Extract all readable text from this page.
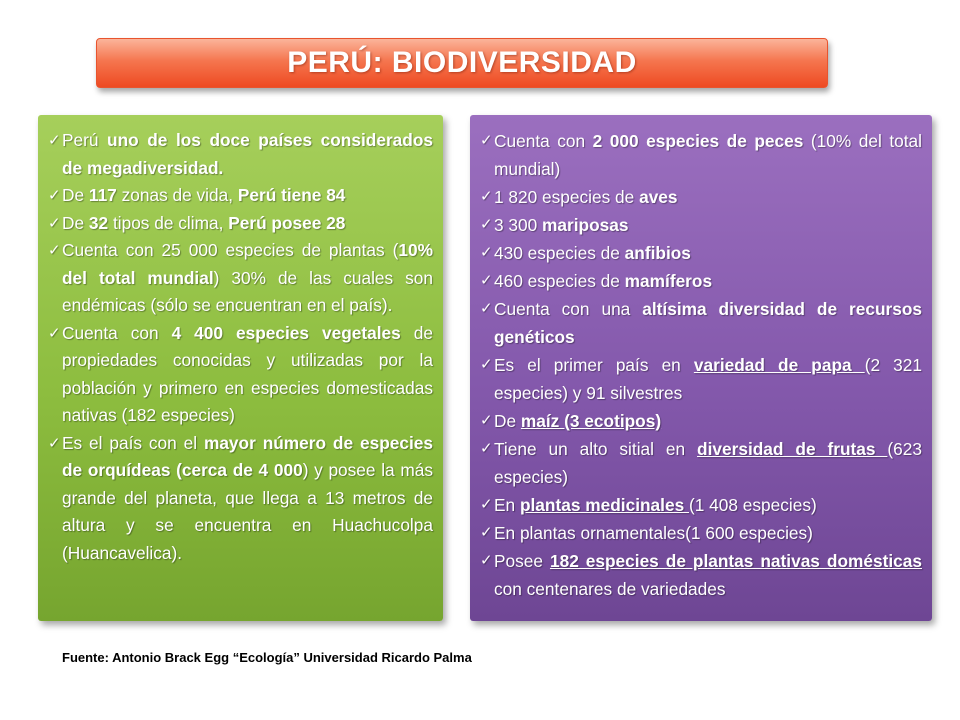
PERÚ: BIODIVERSIDAD
✓ Perú uno de los doce países considerados de megadiversidad.
✓ De 117 zonas de vida, Perú tiene 84
✓ De 32 tipos de clima, Perú posee 28
✓ Cuenta con 25 000 especies de plantas (10% del total mundial) 30% de las cuales son endémicas (sólo se encuentran en el país).
✓ Cuenta con 4 400 especies vegetales de propiedades conocidas y utilizadas por la población y primero en especies domesticadas nativas (182 especies)
✓ Es el país con el mayor número de especies de orquídeas (cerca de 4 000) y posee la más grande del planeta, que llega a 13 metros de altura y se encuentra en Huachucolpa (Huancavelica).
✓ Cuenta con 2 000 especies de peces (10% del total mundial)
✓ 1 820 especies de aves
✓ 3 300 mariposas
✓ 430 especies de anfibios
✓ 460 especies de mamíferos
✓ Cuenta con una altísima diversidad de recursos genéticos
✓ Es el primer país en variedad de papa (2 321 especies) y 91 silvestres
✓ De maíz (3 ecotipos)
✓ Tiene un alto sitial en diversidad de frutas (623 especies)
✓ En plantas medicinales (1 408 especies)
✓ En plantas ornamentales(1 600 especies)
✓ Posee 182 especies de plantas nativas domésticas con centenares de variedades
Fuente: Antonio Brack Egg “Ecología” Universidad Ricardo Palma
